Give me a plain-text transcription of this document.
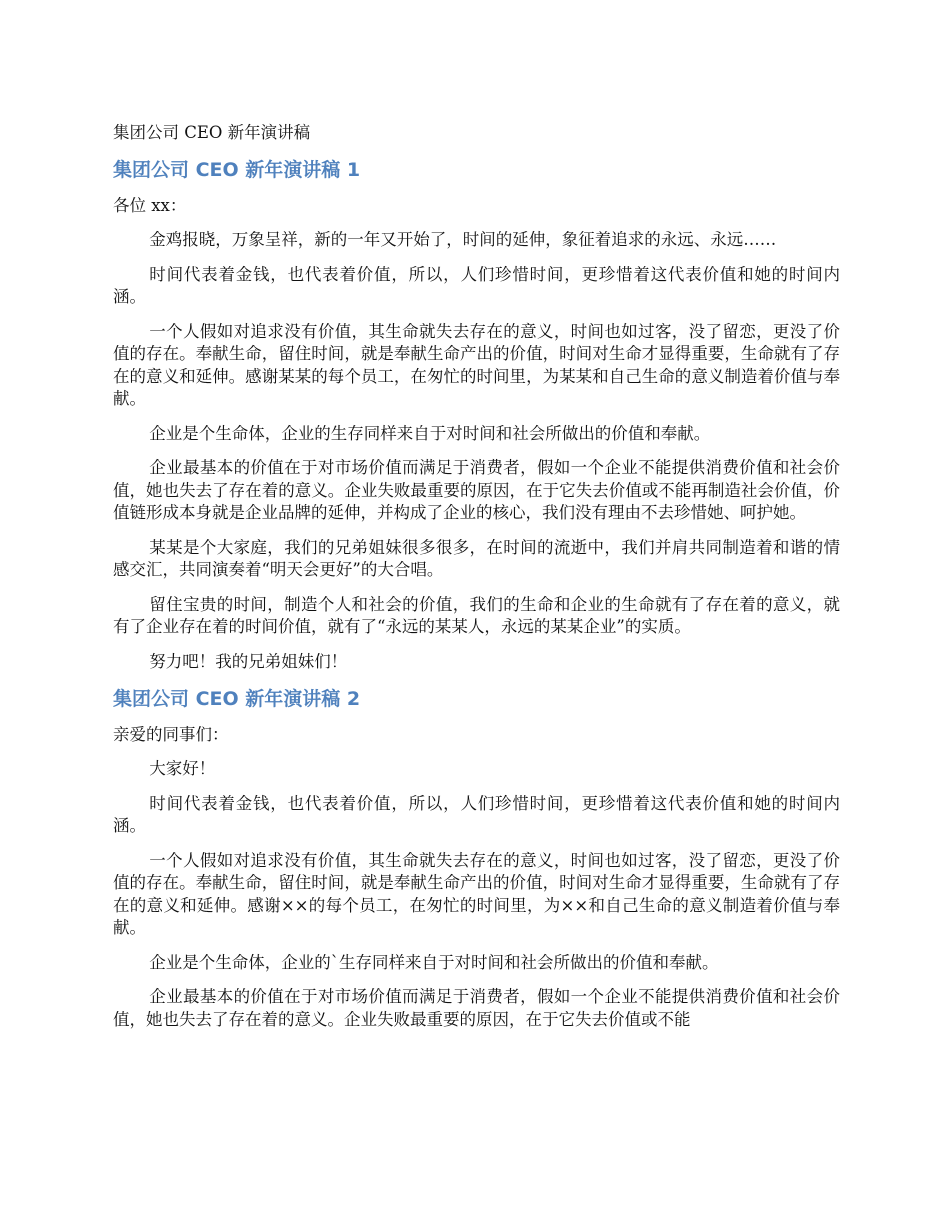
集团公司 CEO 新年演讲稿
集团公司 CEO 新年演讲稿 1

各位 xx：

金鸡报晓，万象呈祥，新的一年又开始了，时间的延伸，象征着追求的永远、永远……

时间代表着金钱，也代表着价值，所以，人们珍惜时间，更珍惜着这代表价值和她的时间内涵。

一个人假如对追求没有价值，其生命就失去存在的意义，时间也如过客，没了留恋，更没了价值的存在。奉献生命，留住时间，就是奉献生命产出的价值，时间对生命才显得重要，生命就有了存在的意义和延伸。感谢某某的每个员工，在匆忙的时间里，为某某和自己生命的意义制造着价值与奉献。

企业是个生命体，企业的生存同样来自于对时间和社会所做出的价值和奉献。

企业最基本的价值在于对市场价值而满足于消费者，假如一个企业不能提供消费价值和社会价值，她也失去了存在着的意义。企业失败最重要的原因，在于它失去价值或不能再制造社会价值，价值链形成本身就是企业品牌的延伸，并构成了企业的核心，我们没有理由不去珍惜她、呵护她。

某某是个大家庭，我们的兄弟姐妹很多很多，在时间的流逝中，我们并肩共同制造着和谐的情感交汇，共同演奏着“明天会更好”的大合唱。

留住宝贵的时间，制造个人和社会的价值，我们的生命和企业的生命就有了存在着的意义，就有了企业存在着的时间价值，就有了“永远的某某人，永远的某某企业”的实质。

努力吧！我的兄弟姐妹们！

集团公司 CEO 新年演讲稿 2

亲爱的同事们：

大家好！

时间代表着金钱，也代表着价值，所以，人们珍惜时间，更珍惜着这代表价值和她的时间内涵。

一个人假如对追求没有价值，其生命就失去存在的意义，时间也如过客，没了留恋，更没了价值的存在。奉献生命，留住时间，就是奉献生命产出的价值，时间对生命才显得重要，生命就有了存在的意义和延伸。感谢××的每个员工，在匆忙的时间里，为××和自己生命的意义制造着价值与奉献。

企业是个生命体，企业的`生存同样来自于对时间和社会所做出的价值和奉献。

企业最基本的价值在于对市场价值而满足于消费者，假如一个企业不能提供消费价值和社会价值，她也失去了存在着的意义。企业失败最重要的原因，在于它失去价值或不能
